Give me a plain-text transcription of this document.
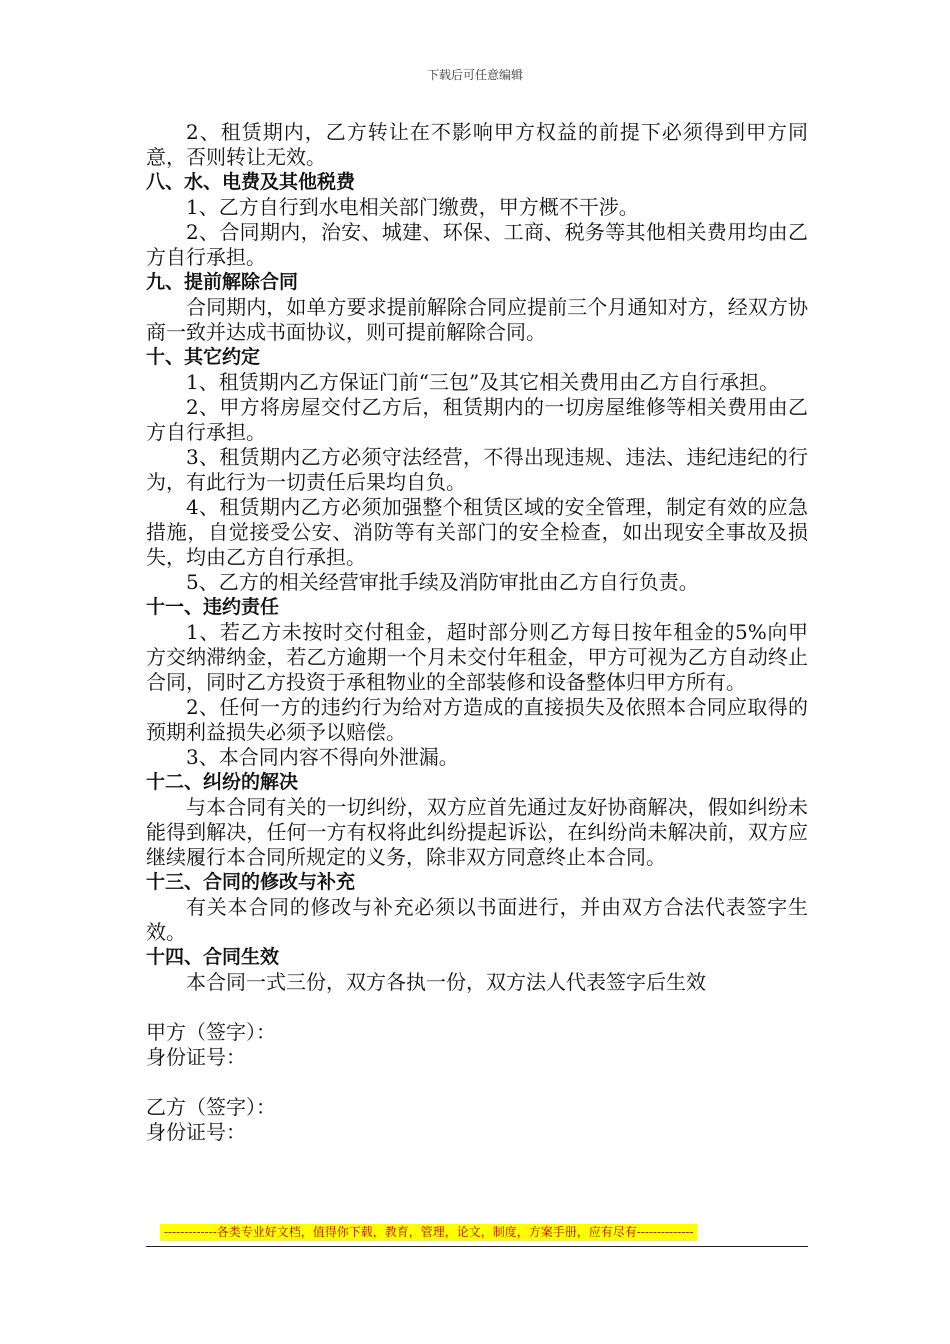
下载后可任意编辑

2、租赁期内，乙方转让在不影响甲方权益的前提下必须得到甲方同意，否则转让无效。

八、水、电费及其他税费

1、乙方自行到水电相关部门缴费，甲方概不干涉。

2、合同期内，治安、城建、环保、工商、税务等其他相关费用均由乙方自行承担。

九、提前解除合同

合同期内，如单方要求提前解除合同应提前三个月通知对方，经双方协商一致并达成书面协议，则可提前解除合同。

十、其它约定

1、租赁期内乙方保证门前“三包”及其它相关费用由乙方自行承担。

2、甲方将房屋交付乙方后，租赁期内的一切房屋维修等相关费用由乙方自行承担。

3、租赁期内乙方必须守法经营，不得出现违规、违法、违纪违纪的行为，有此行为一切责任后果均自负。

4、租赁期内乙方必须加强整个租赁区域的安全管理，制定有效的应急措施，自觉接受公安、消防等有关部门的安全检查，如出现安全事故及损失，均由乙方自行承担。

5、乙方的相关经营审批手续及消防审批由乙方自行负责。

十一、违约责任

1、若乙方未按时交付租金，超时部分则乙方每日按年租金的5%向甲方交纳滞纳金，若乙方逾期一个月未交付年租金，甲方可视为乙方自动终止合同，同时乙方投资于承租物业的全部装修和设备整体归甲方所有。

2、任何一方的违约行为给对方造成的直接损失及依照本合同应取得的预期利益损失必须予以赔偿。

3、本合同内容不得向外泄漏。

十二、纠纷的解决

与本合同有关的一切纠纷，双方应首先通过友好协商解决，假如纠纷未能得到解决，任何一方有权将此纠纷提起诉讼，在纠纷尚未解决前，双方应继续履行本合同所规定的义务，除非双方同意终止本合同。

十三、合同的修改与补充

有关本合同的修改与补充必须以书面进行，并由双方合法代表签字生效。

十四、合同生效

本合同一式三份，双方各执一份，双方法人代表签字后生效

甲方（签字）：

身份证号：

乙方（签字）：

身份证号：

-------------各类专业好文档，值得你下载，教育，管理，论文，制度，方案手册，应有尽有--------------
